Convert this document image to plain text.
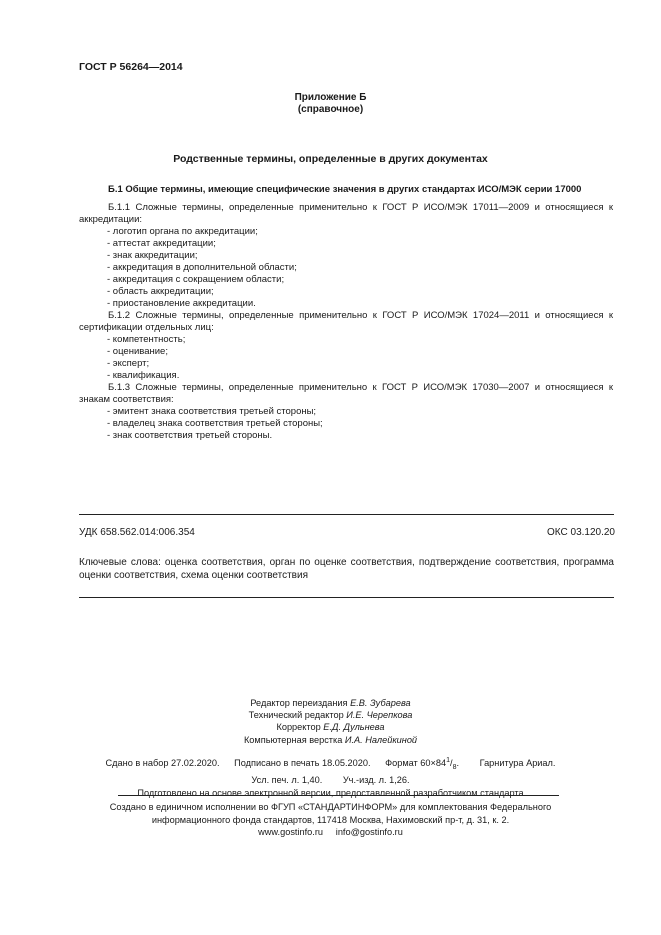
ГОСТ Р 56264—2014
Приложение Б
(справочное)
Родственные термины, определенные в других документах
Б.1 Общие термины, имеющие специфические значения в других стандартах ИСО/МЭК серии 17000

Б.1.1 Сложные термины, определенные применительно к ГОСТ Р ИСО/МЭК 17011—2009 и относящиеся к аккредитации:

- логотип органа по аккредитации;
- аттестат аккредитации;
- знак аккредитации;
- аккредитация в дополнительной области;
- аккредитация с сокращением области;
- область аккредитации;
- приостановление аккредитации.

Б.1.2 Сложные термины, определенные применительно к ГОСТ Р ИСО/МЭК 17024—2011 и относящиеся к сертификации отдельных лиц:

- компетентность;
- оценивание;
- эксперт;
- квалификация.

Б.1.3 Сложные термины, определенные применительно к ГОСТ Р ИСО/МЭК 17030—2007 и относящиеся к знакам соответствия:

- эмитент знака соответствия третьей стороны;
- владелец знака соответствия третьей стороны;
- знак соответствия третьей стороны.
УДК 658.562.014:006.354	ОКС 03.120.20

Ключевые слова: оценка соответствия, орган по оценке соответствия, подтверждение соответствия, программа оценки соответствия, схема оценки соответствия

Редактор переиздания Е.В. Зубарева
Технический редактор И.Е. Черепкова
Корректор Е.Д. Дульнева
Компьютерная верстка И.А. Налейкиной
Сдано в набор 27.02.2020. Подписано в печать 18.05.2020. Формат $60\times 84^1/_8$. Гарнитура Ариал.
Усл. печ. л. 1,40. Уч.-изд. л. 1,26.
Подготовлено на основе электронной версии, предоставленной разработчиком стандарта
Создано в единичном исполнении во ФГУП «СТАНДАРТИНФОРМ» для комплектования Федерального
информационного фонда стандартов, 117418 Москва, Нахимовский пр-т, д. 31, к. 2.
www.gostinfo.ru info@gostinfo.ru
